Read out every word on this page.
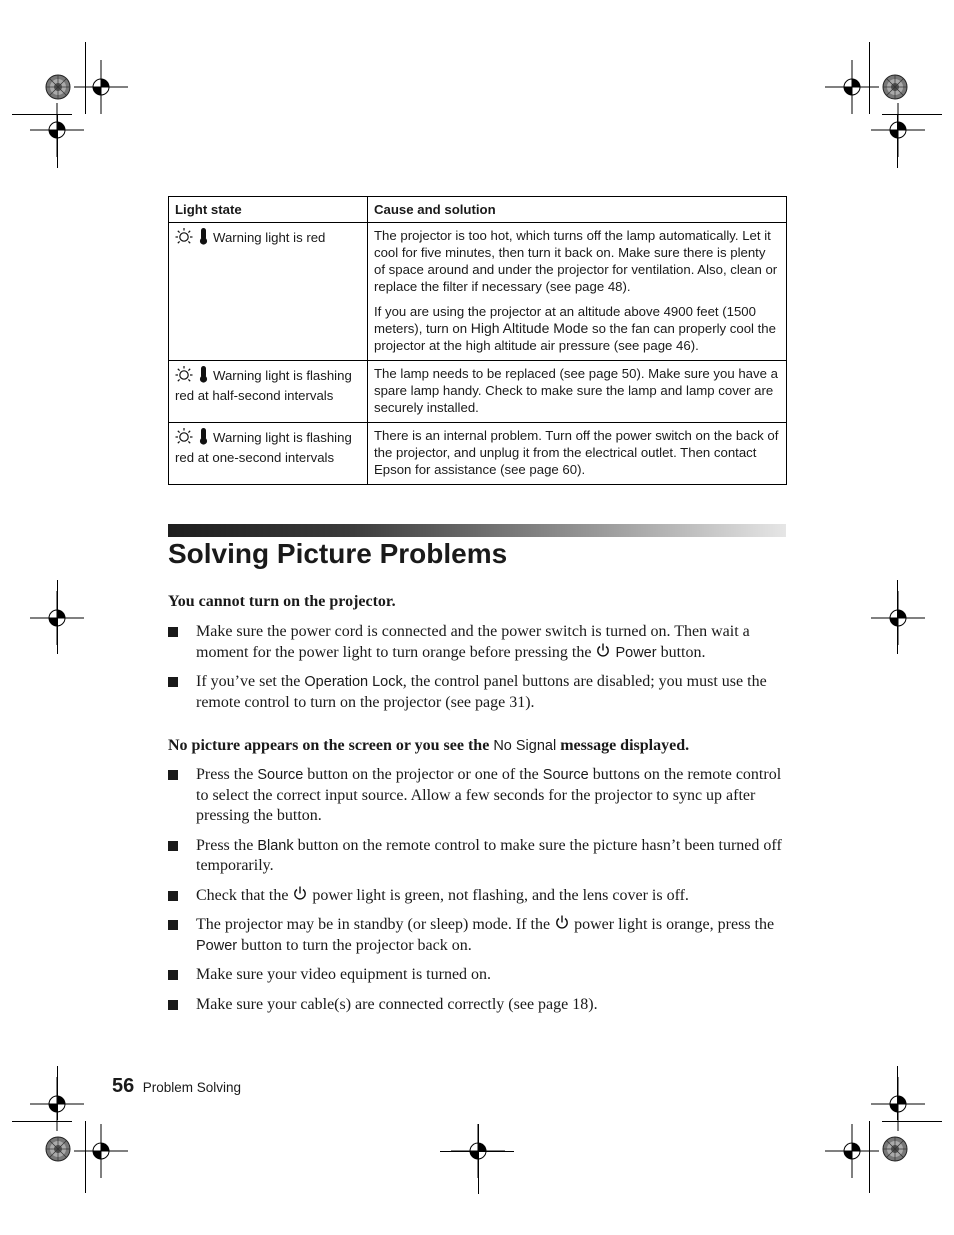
Light state	Cause and solution
Warning light is red	The projector is too hot, which turns off the lamp automatically. Let it cool for five minutes, then turn it back on. Make sure there is plenty of space around and under the projector for ventilation. Also, clean or replace the filter if necessary (see page 48).

If you are using the projector at an altitude above 4900 feet (1500 meters), turn on High Altitude Mode so the fan can properly cool the projector at the high altitude air pressure (see page 46).

Warning light is flashing red at half-second intervals	The lamp needs to be replaced (see page 50). Make sure you have a spare lamp handy. Check to make sure the lamp and lamp cover are securely installed.

Warning light is flashing red at one-second intervals	There is an internal problem. Turn off the power switch on the back of the projector, and unplug it from the electrical outlet. Then contact Epson for assistance (see page 60).

Solving Picture Problems

You cannot turn on the projector.

Make sure the power cord is connected and the power switch is turned on. Then wait a moment for the power light to turn orange before pressing the Power button.
If you’ve set the Operation Lock, the control panel buttons are disabled; you must use the remote control to turn on the projector (see page 31).

No picture appears on the screen or you see the No Signal message displayed.

Press the Source button on the projector or one of the Source buttons on the remote control to select the correct input source. Allow a few seconds for the projector to sync up after pressing the button.
Press the Blank button on the remote control to make sure the picture hasn’t been turned off temporarily.
Check that the power light is green, not flashing, and the lens cover is off.
The projector may be in standby (or sleep) mode. If the power light is orange, press the Power button to turn the projector back on.
Make sure your video equipment is turned on.
Make sure your cable(s) are connected correctly (see page 18).
56 Problem Solving
